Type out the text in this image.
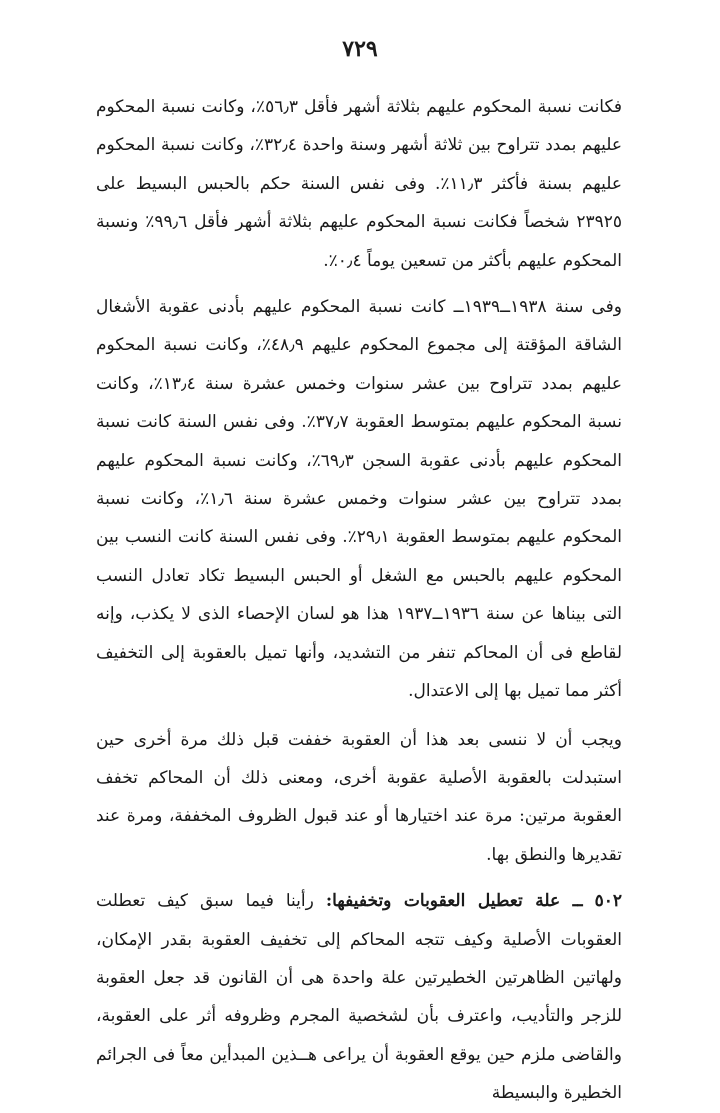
٧٢٩

فكانت نسبة المحكوم عليهم بثلاثة أشهر فأقل ٥٦٫٣٪، وكانت نسبة المحكوم عليهم بمدد تتراوح بين ثلاثة أشهر وسنة واحدة ٣٢٫٤٪، وكانت نسبة المحكوم عليهم بسنة فأكثر ١١٫٣٪. وفى نفس السنة حكم بالحبس البسيط على ٢٣٩٢٥ شخصاً فكانت نسبة المحكوم عليهم بثلاثة أشهر فأقل ٩٩٫٦٪ ونسبة المحكوم عليهم بأكثر من تسعين يوماً ٠٫٤٪.

وفى سنة ١٩٣٨ــ١٩٣٩ــ كانت نسبة المحكوم عليهم بأدنى عقوبة الأشغال الشاقة المؤقتة إلى مجموع المحكوم عليهم ٤٨٫٩٪، وكانت نسبة المحكوم عليهم بمدد تتراوح بين عشر سنوات وخمس عشرة سنة ١٣٫٤٪، وكانت نسبة المحكوم عليهم بمتوسط العقوبة ٣٧٫٧٪. وفى نفس السنة كانت نسبة المحكوم عليهم بأدنى عقوبة السجن ٦٩٫٣٪، وكانت نسبة المحكوم عليهم بمدد تتراوح بين عشر سنوات وخمس عشرة سنة ١٫٦٪، وكانت نسبة المحكوم عليهم بمتوسط العقوبة ٢٩٫١٪. وفى نفس السنة كانت النسب بين المحكوم عليهم بالحبس مع الشغل أو الحبس البسيط تكاد تعادل النسب التى بيناها عن سنة ١٩٣٦ــ١٩٣٧ هذا هو لسان الإحصاء الذى لا يكذب، وإنه لقاطع فى أن المحاكم تنفر من التشديد، وأنها تميل بالعقوبة إلى التخفيف أكثر مما تميل بها إلى الاعتدال.

ويجب أن لا ننسى بعد هذا أن العقوبة خففت قبل ذلك مرة أخرى حين استبدلت بالعقوبة الأصلية عقوبة أخرى، ومعنى ذلك أن المحاكم تخفف العقوبة مرتين: مرة عند اختيارها أو عند قبول الظروف المخففة، ومرة عند تقديرها والنطق بها.

٥٠٢ ــ علة تعطيل العقوبات وتخفيفها: رأينا فيما سبق كيف تعطلت العقوبات الأصلية وكيف تتجه المحاكم إلى تخفيف العقوبة بقدر الإمكان، ولهاتين الظاهرتين الخطيرتين علة واحدة هى أن القانون قد جعل العقوبة للزجر والتأديب، واعترف بأن لشخصية المجرم وظروفه أثر على العقوبة، والقاضى ملزم حين يوقع العقوبة أن يراعى هــذين المبدأين معاً فى الجرائم الخطيرة والبسيطة
